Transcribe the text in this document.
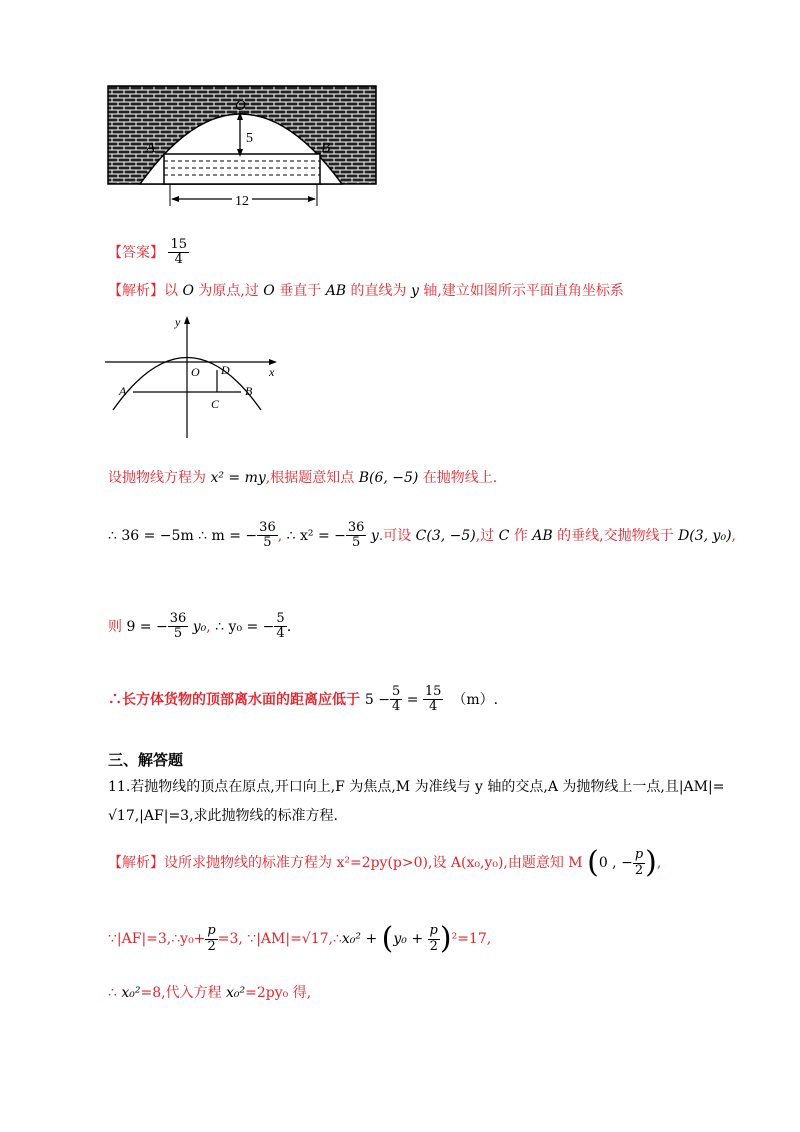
12
5
O
A	B
【答案】 $\frac{15}{4}$
【解析】以 O 为原点,过 O 垂直于 AB 的直线为 y 轴,建立如图所示平面直角坐标系
y
x
O D
A	B
C
设抛物线方程为 x² = my,根据题意知点 B(6, −5) 在抛物线上.
∴ 36 = −5m ∴ m = − $\frac{36}{5}$ , ∴ x² = − $\frac{36}{5} y$.可设 C(3, −5),过 C 作 AB 的垂线,交抛物线于 D(3, y₀),
则 9 = − $\frac{36}{5} y_0$, ∴ y₀ = − $\frac{5}{4}$ .
∴长方体货物的顶部离水面的距离应低于 $5 - \frac{5}{4} = \frac{15}{4} (m)$.
三、解答题
11.若抛物线的顶点在原点,开口向上,F 为焦点,M 为准线与 y 轴的交点,A 为抛物线上一点,且|AM|=
√17,|AF|=3,求此抛物线的标准方程.
【解析】设所求抛物线的标准方程为 x²=2py(p>0),设 A(x₀,y₀),由题意知 M (0 , − $\frac{p}{2}$ ),
∵|AF|=3,∴y₀+ $\frac{p}{2} =3$, ∵|AM|=√17,∴x₀² + $(y_0 + \frac{p}{2} )^2=17$,
∴ x₀²=8,代入方程 x₀²=2py₀ 得,
